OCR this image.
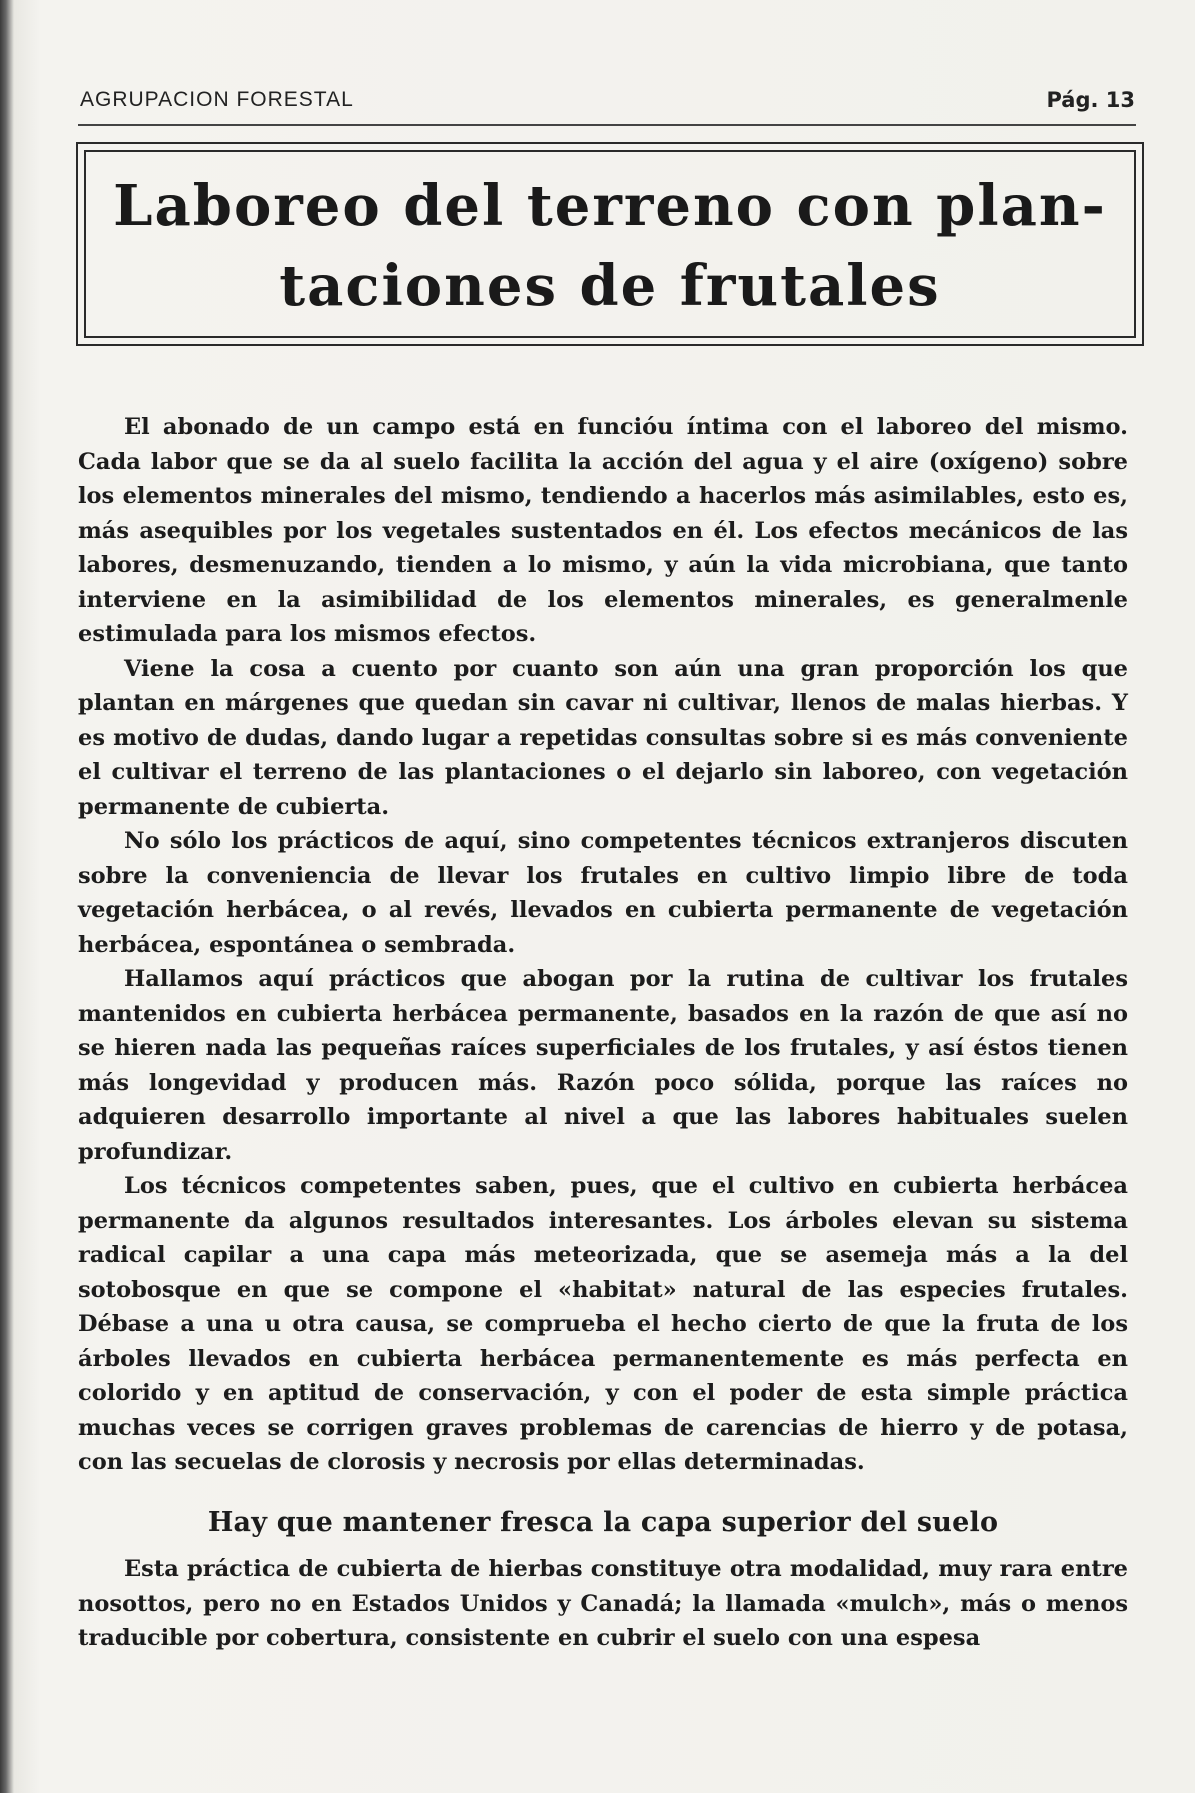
AGRUPACION FORESTAL	Pág. 13
Laboreo del terreno con plan-
taciones de frutales

El abonado de un campo está en funcióu íntima con el laboreo del mismo. Cada labor que se da al suelo facilita la acción del agua y el aire (oxígeno) sobre los elementos minerales del mismo, tendiendo a hacerlos más asimilables, esto es, más asequibles por los vegetales sustentados en él. Los efectos mecánicos de las labores, desmenuzando, tienden a lo mismo, y aún la vida microbiana, que tanto interviene en la asimibilidad de los elementos minerales, es generalmenle estimulada para los mismos efectos.

Viene la cosa a cuento por cuanto son aún una gran proporción los que plantan en márgenes que quedan sin cavar ni cultivar, llenos de malas hierbas. Y es motivo de dudas, dando lugar a repetidas consultas sobre si es más conveniente el cultivar el terreno de las plantaciones o el dejarlo sin laboreo, con vegetación permanente de cubierta.

No sólo los prácticos de aquí, sino competentes técnicos extranjeros discuten sobre la conveniencia de llevar los frutales en cultivo limpio libre de toda vegetación herbácea, o al revés, llevados en cubierta permanente de vegetación herbácea, espontánea o sembrada.

Hallamos aquí prácticos que abogan por la rutina de cultivar los frutales mantenidos en cubierta herbácea permanente, basados en la razón de que así no se hieren nada las pequeñas raíces superficiales de los frutales, y así éstos tienen más longevidad y producen más. Razón poco sólida, porque las raíces no adquieren desarrollo importante al nivel a que las labores habituales suelen profundizar.

Los técnicos competentes saben, pues, que el cultivo en cubierta herbácea permanente da algunos resultados interesantes. Los árboles elevan su sistema radical capilar a una capa más meteorizada, que se asemeja más a la del sotobosque en que se compone el «habitat» natural de las especies frutales. Débase a una u otra causa, se comprueba el hecho cierto de que la fruta de los árboles llevados en cubierta herbácea permanentemente es más perfecta en colorido y en aptitud de conservación, y con el poder de esta simple práctica muchas veces se corrigen graves problemas de carencias de hierro y de potasa, con las secuelas de clorosis y necrosis por ellas determinadas.

Hay que mantener fresca la capa superior del suelo

Esta práctica de cubierta de hierbas constituye otra modalidad, muy rara entre nosottos, pero no en Estados Unidos y Canadá; la llamada «mulch», más o menos traducible por cobertura, consistente en cubrir el suelo con una espesa
